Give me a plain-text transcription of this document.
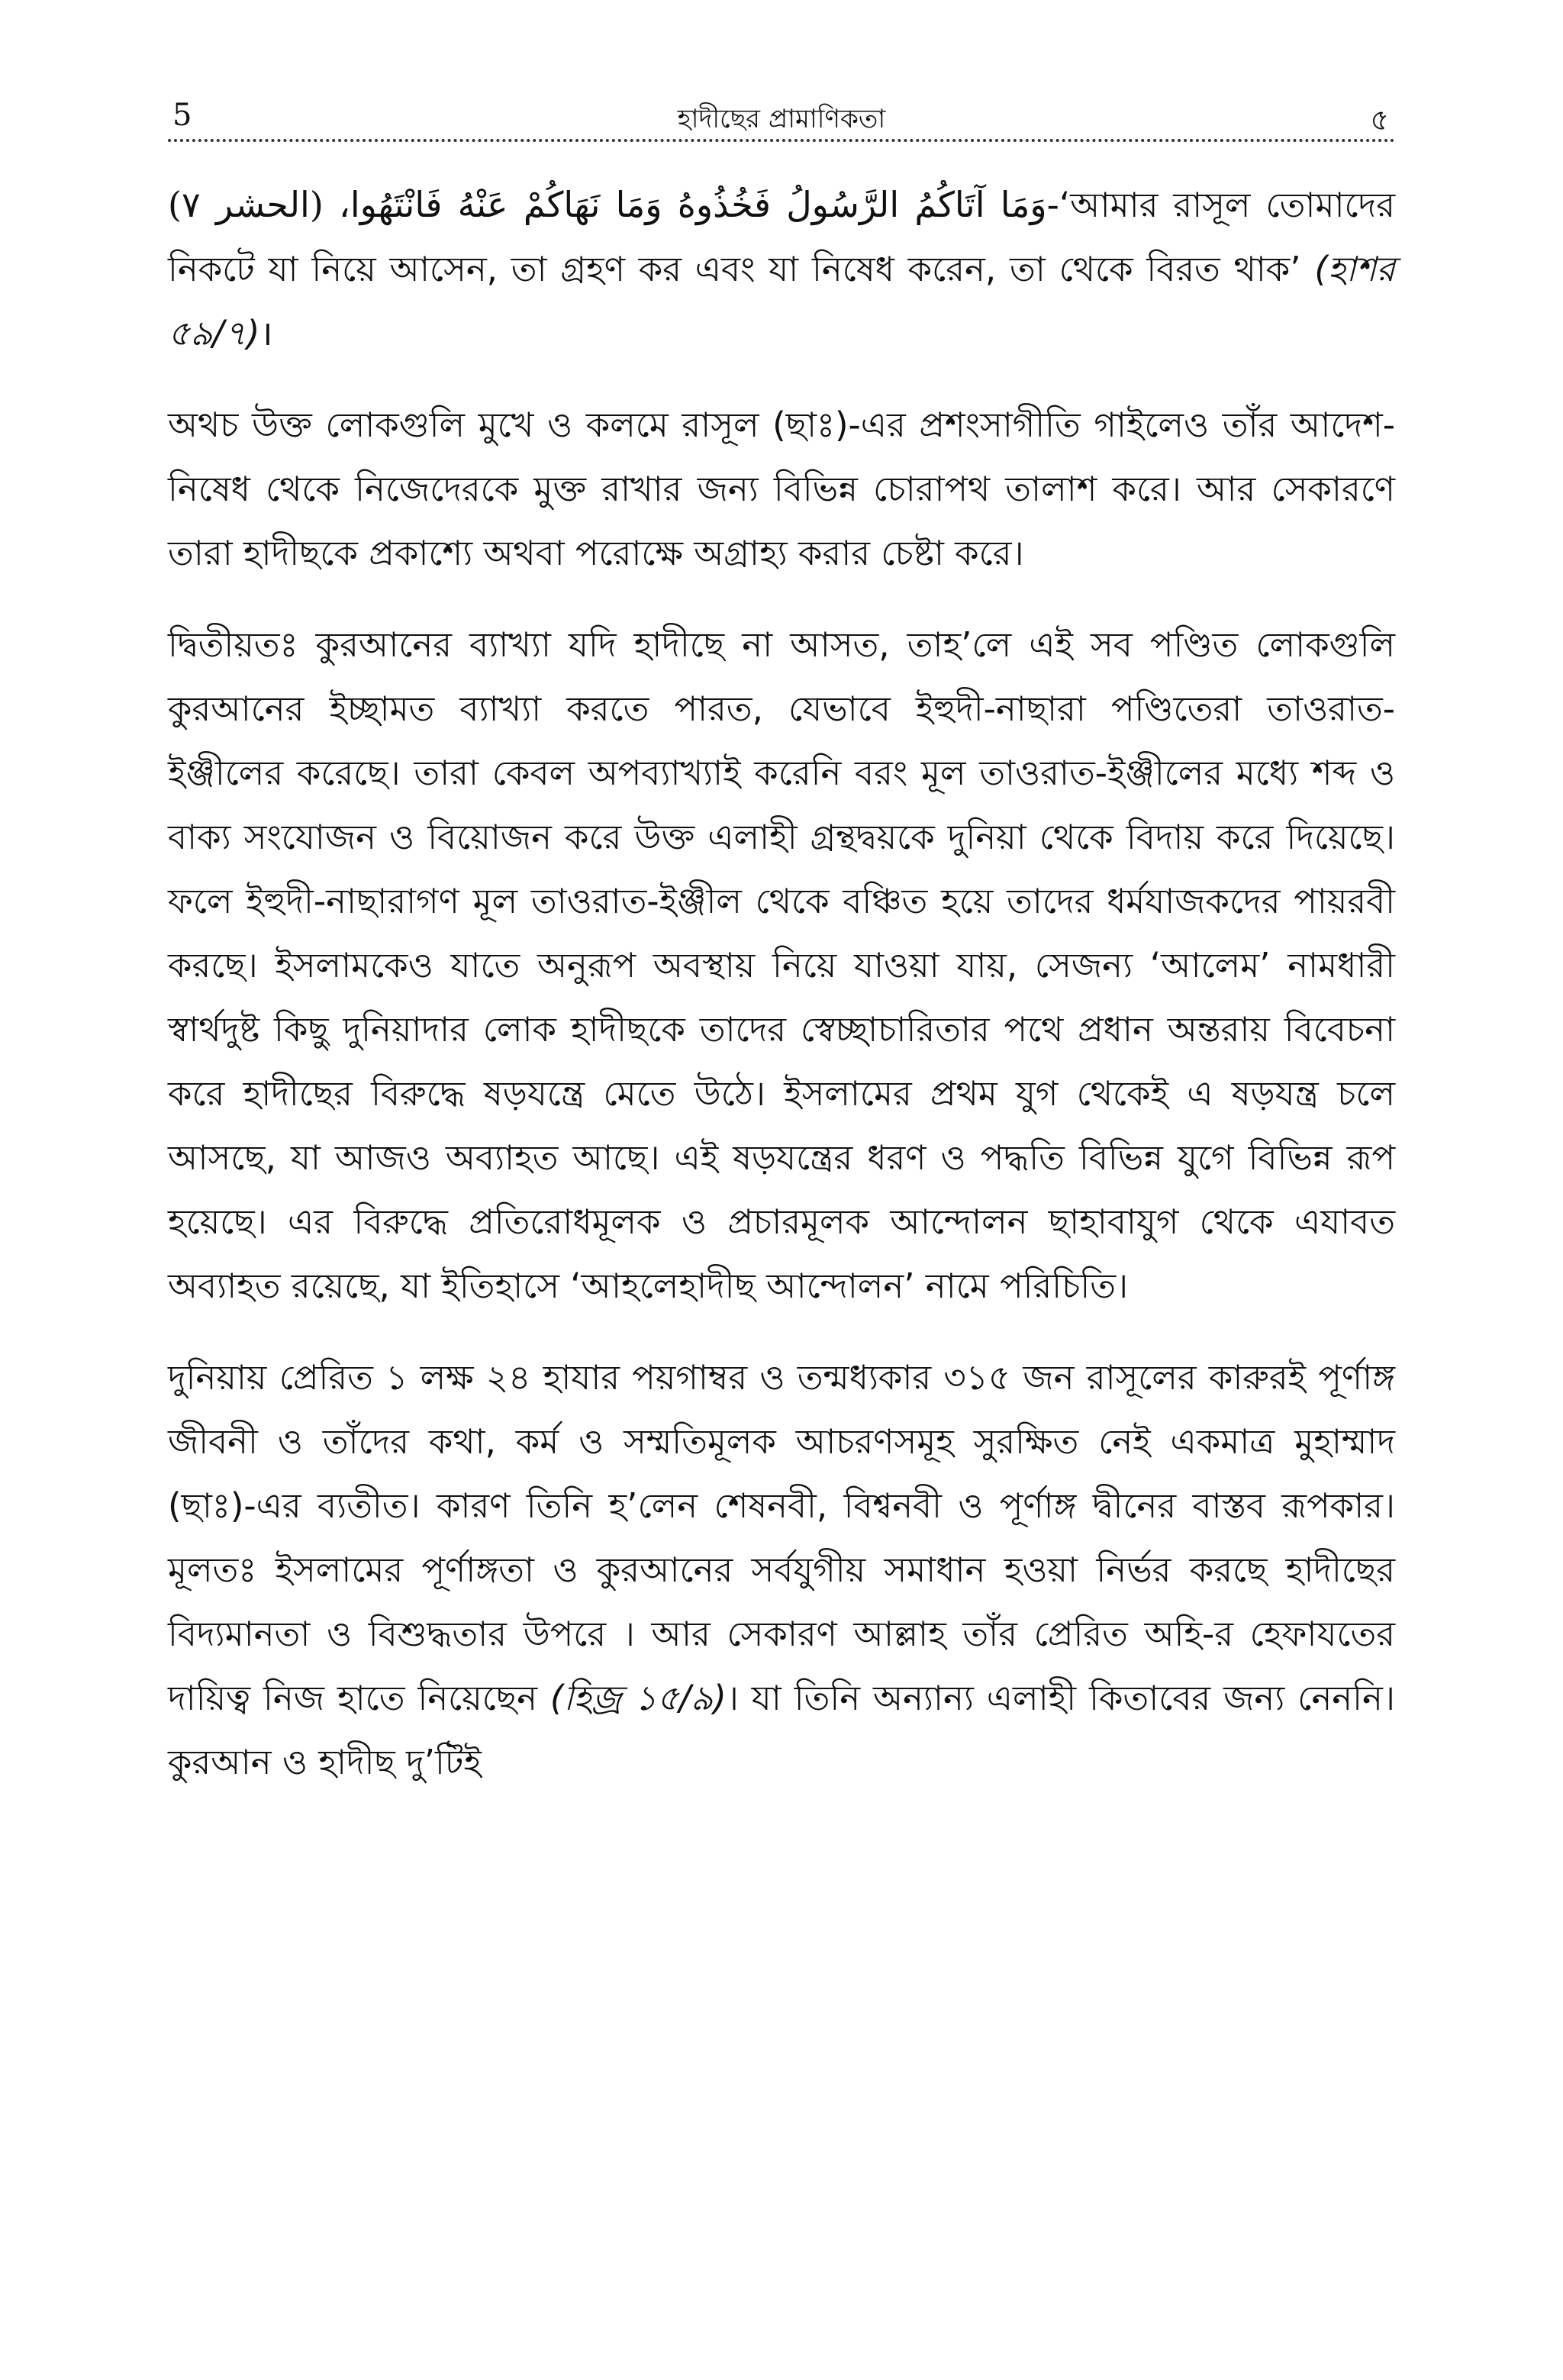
5	হাদীছের প্রামাণিকতা	৫

وَمَا آتَاكُمُ الرَّسُولُ فَخُذُوهُ وَمَا نَهَاكُمْ عَنْهُ فَانْتَهُوا، (الحشر ٧)-‘আমার রাসূল তোমাদের নিকটে যা নিয়ে আসেন, তা গ্রহণ কর এবং যা নিষেধ করেন, তা থেকে বিরত থাক’ (হাশর ৫৯/৭)।

অথচ উক্ত লোকগুলি মুখে ও কলমে রাসূল (ছাঃ)-এর প্রশংসাগীতি গাইলেও তাঁর আদেশ-নিষেধ থেকে নিজেদেরকে মুক্ত রাখার জন্য বিভিন্ন চোরাপথ তালাশ করে। আর সেকারণে তারা হাদীছকে প্রকাশ্যে অথবা পরোক্ষে অগ্রাহ্য করার চেষ্টা করে।

দ্বিতীয়তঃ কুরআনের ব্যাখ্যা যদি হাদীছে না আসত, তাহ’লে এই সব পণ্ডিত লোকগুলি কুরআনের ইচ্ছামত ব্যাখ্যা করতে পারত, যেভাবে ইহুদী-নাছারা পণ্ডিতেরা তাওরাত-ইঞ্জীলের করেছে। তারা কেবল অপব্যাখ্যাই করেনি বরং মূল তাওরাত-ইঞ্জীলের মধ্যে শব্দ ও বাক্য সংযোজন ও বিয়োজন করে উক্ত এলাহী গ্রন্থদ্বয়কে দুনিয়া থেকে বিদায় করে দিয়েছে। ফলে ইহুদী-নাছারাগণ মূল তাওরাত-ইঞ্জীল থেকে বঞ্চিত হয়ে তাদের ধর্মযাজকদের পায়রবী করছে। ইসলামকেও যাতে অনুরূপ অবস্থায় নিয়ে যাওয়া যায়, সেজন্য ‘আলেম’ নামধারী স্বার্থদুষ্ট কিছু দুনিয়াদার লোক হাদীছকে তাদের স্বেচ্ছাচারিতার পথে প্রধান অন্তরায় বিবেচনা করে হাদীছের বিরুদ্ধে ষড়যন্ত্রে মেতে উঠে। ইসলামের প্রথম যুগ থেকেই এ ষড়যন্ত্র চলে আসছে, যা আজও অব্যাহত আছে। এই ষড়যন্ত্রের ধরণ ও পদ্ধতি বিভিন্ন যুগে বিভিন্ন রূপ হয়েছে। এর বিরুদ্ধে প্রতিরোধমূলক ও প্রচারমূলক আন্দোলন ছাহাবাযুগ থেকে এযাবত অব্যাহত রয়েছে, যা ইতিহাসে ‘আহলেহাদীছ আন্দোলন’ নামে পরিচিতি।

দুনিয়ায় প্রেরিত ১ লক্ষ ২৪ হাযার পয়গাম্বর ও তন্মধ্যকার ৩১৫ জন রাসূলের কারুরই পূর্ণাঙ্গ জীবনী ও তাঁদের কথা, কর্ম ও সম্মতিমূলক আচরণসমূহ সুরক্ষিত নেই একমাত্র মুহাম্মাদ (ছাঃ)-এর ব্যতীত। কারণ তিনি হ’লেন শেষনবী, বিশ্বনবী ও পূর্ণাঙ্গ দ্বীনের বাস্তব রূপকার। মূলতঃ ইসলামের পূর্ণাঙ্গতা ও কুরআনের সর্বযুগীয় সমাধান হওয়া নির্ভর করছে হাদীছের বিদ্যমানতা ও বিশুদ্ধতার উপরে । আর সেকারণ আল্লাহ তাঁর প্রেরিত অহি-র হেফাযতের দায়িত্ব নিজ হাতে নিয়েছেন (হিজ্র ১৫/৯)। যা তিনি অন্যান্য এলাহী কিতাবের জন্য নেননি। কুরআন ও হাদীছ দু’টিই
